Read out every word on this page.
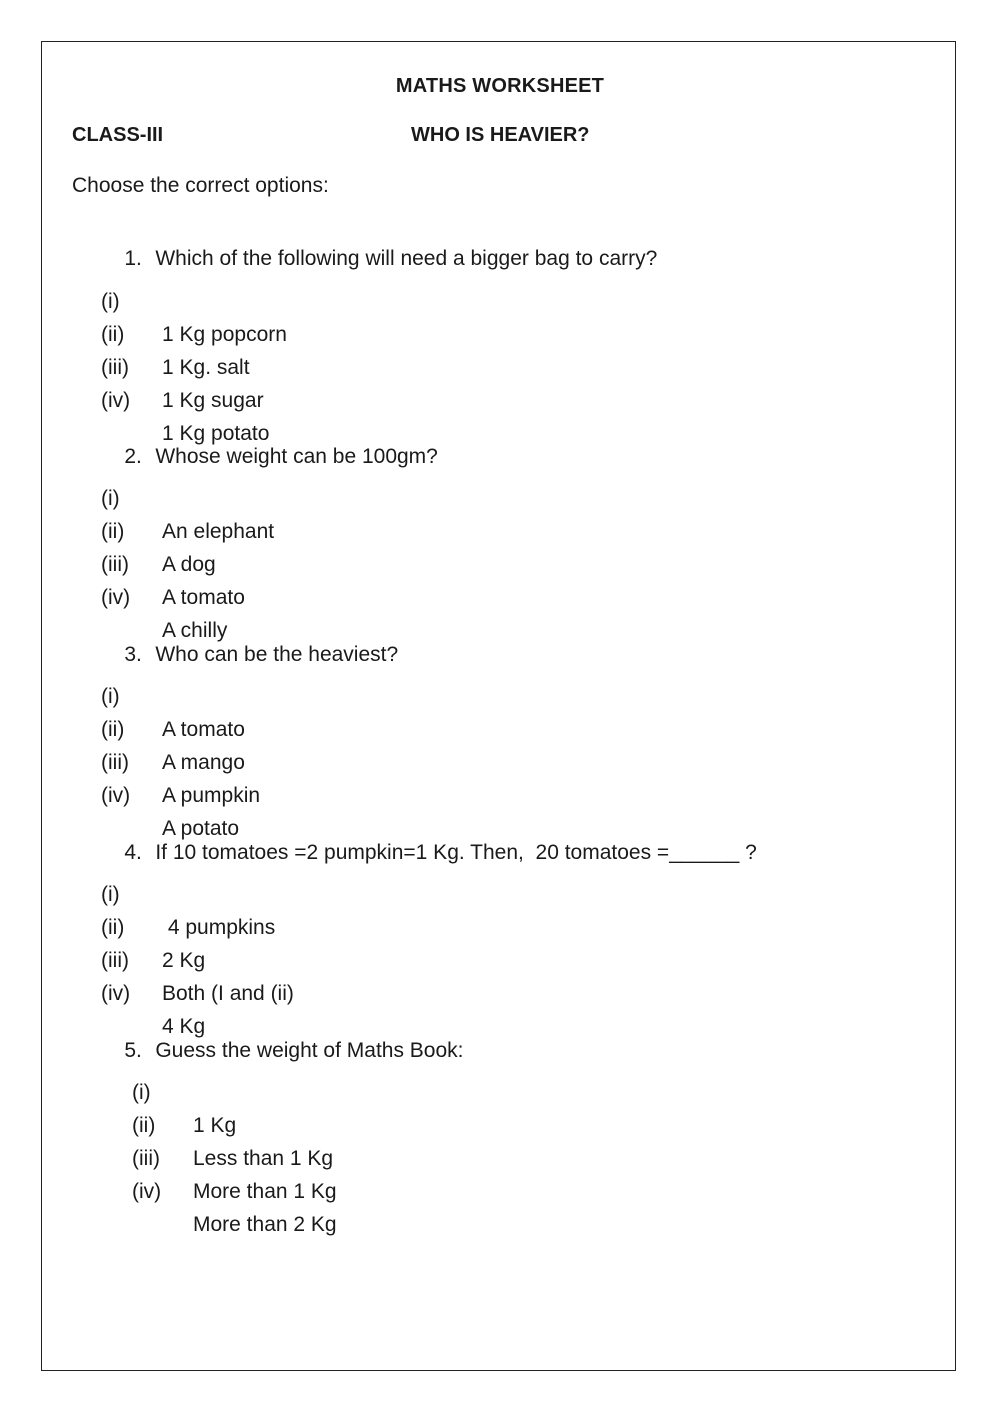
MATHS WORKSHEET
CLASS-III	WHO IS HEAVIER?
Choose the correct options:

1. Which of the following will need a bigger bag to carry?

(i)

1 Kg popcorn

(ii)

1 Kg. salt

(iii)

1 Kg sugar

(iv)

1 Kg potato

2. Whose weight can be 100gm?

(i)

An elephant

(ii)

A dog

(iii)

A tomato

(iv)

A chilly

3. Who can be the heaviest?

(i)

A tomato

(ii)

A mango

(iii)

A pumpkin

(iv)

A potato

4. If 10 tomatoes =2 pumpkin=1 Kg. Then,  20 tomatoes =______ ?

(i)

4 pumpkins

(ii)

2 Kg

(iii)

Both (I and (ii)

(iv)

4 Kg

5. Guess the weight of Maths Book:

(i)

1 Kg

(ii)

Less than 1 Kg

(iii)

More than 1 Kg

(iv)

More than 2 Kg
